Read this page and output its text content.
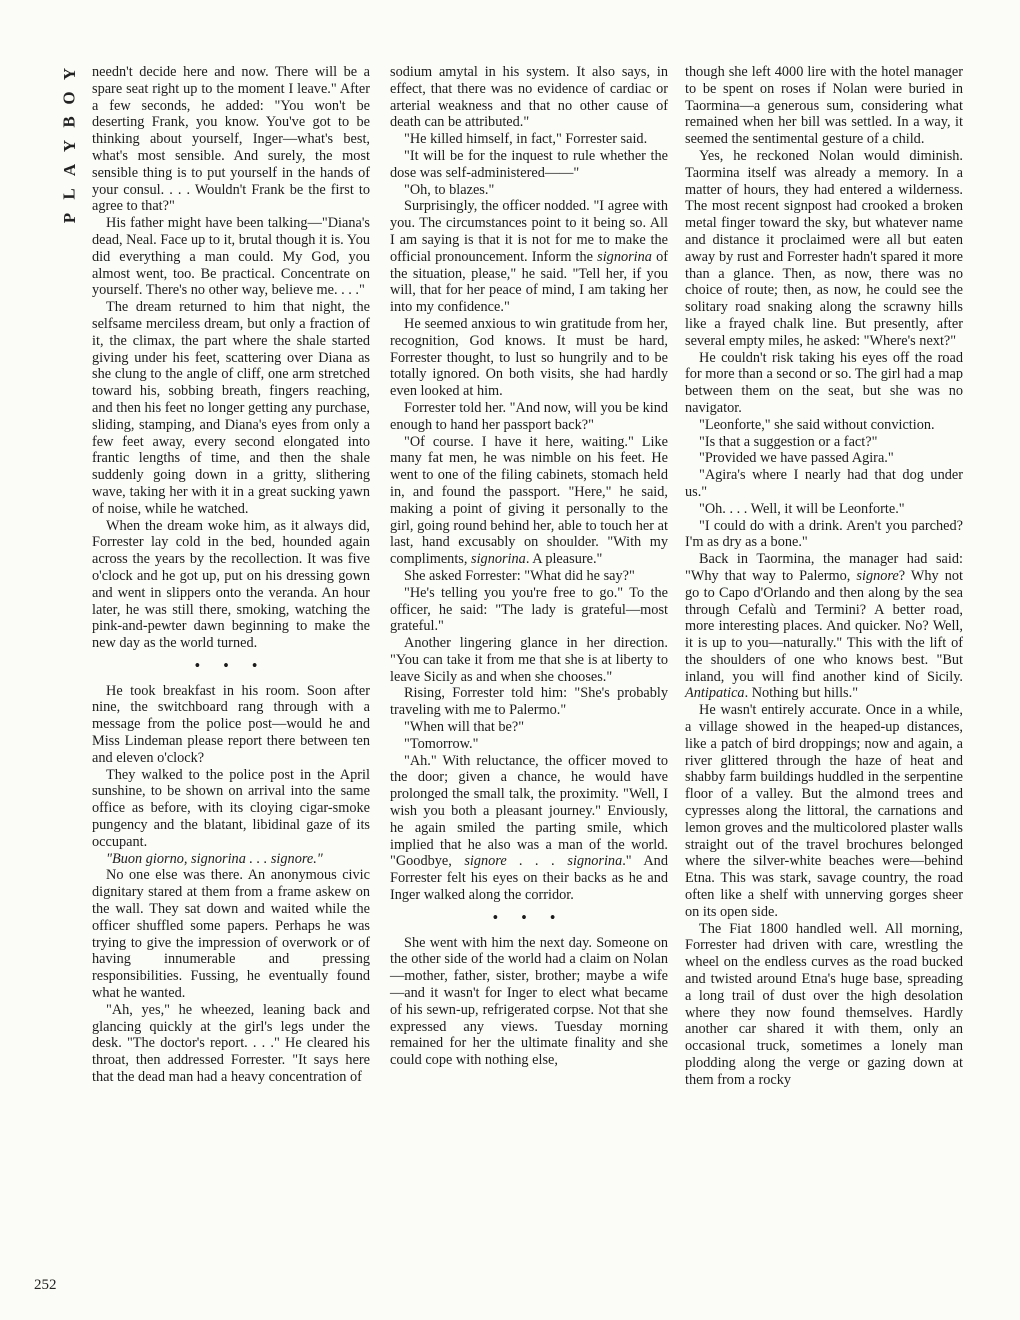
Y
O
B
Y
A
L
P
252

needn't decide here and now. There will be a spare seat right up to the moment I leave." After a few seconds, he added: "You won't be deserting Frank, you know. You've got to be thinking about yourself, Inger—what's best, what's most sensible. And surely, the most sensible thing is to put yourself in the hands of your consul. . . . Wouldn't Frank be the first to agree to that?"

His father might have been talking—"Diana's dead, Neal. Face up to it, brutal though it is. You did everything a man could. My God, you almost went, too. Be practical. Concentrate on yourself. There's no other way, believe me. . . ."

The dream returned to him that night, the selfsame merciless dream, but only a fraction of it, the climax, the part where the shale started giving under his feet, scattering over Diana as she clung to the angle of cliff, one arm stretched toward his, sobbing breath, fingers reaching, and then his feet no longer getting any purchase, sliding, stamping, and Diana's eyes from only a few feet away, every second elongated into frantic lengths of time, and then the shale suddenly going down in a gritty, slithering wave, taking her with it in a great sucking yawn of noise, while he watched.

When the dream woke him, as it always did, Forrester lay cold in the bed, hounded again across the years by the recollection. It was five o'clock and he got up, put on his dressing gown and went in slippers onto the veranda. An hour later, he was still there, smoking, watching the pink-and-pewter dawn beginning to make the new day as the world turned.

• • •

He took breakfast in his room. Soon after nine, the switchboard rang through with a message from the police post—would he and Miss Lindeman please report there between ten and eleven o'clock?

They walked to the police post in the April sunshine, to be shown on arrival into the same office as before, with its cloying cigar-smoke pungency and the blatant, libidinal gaze of its occupant.

"Buon giorno, signorina . . . signore."

No one else was there. An anonymous civic dignitary stared at them from a frame askew on the wall. They sat down and waited while the officer shuffled some papers. Perhaps he was trying to give the impression of overwork or of having innumerable and pressing responsibilities. Fussing, he eventually found what he wanted.

"Ah, yes," he wheezed, leaning back and glancing quickly at the girl's legs under the desk. "The doctor's report. . . ." He cleared his throat, then addressed Forrester. "It says here that the dead man had a heavy concentration of

sodium amytal in his system. It also says, in effect, that there was no evidence of cardiac or arterial weakness and that no other cause of death can be attributed."

"He killed himself, in fact," Forrester said.

"It will be for the inquest to rule whether the dose was self-administered——"

"Oh, to blazes."

Surprisingly, the officer nodded. "I agree with you. The circumstances point to it being so. All I am saying is that it is not for me to make the official pronouncement. Inform the signorina of the situation, please," he said. "Tell her, if you will, that for her peace of mind, I am taking her into my confidence."

He seemed anxious to win gratitude from her, recognition, God knows. It must be hard, Forrester thought, to lust so hungrily and to be totally ignored. On both visits, she had hardly even looked at him.

Forrester told her. "And now, will you be kind enough to hand her passport back?"

"Of course. I have it here, waiting." Like many fat men, he was nimble on his feet. He went to one of the filing cabinets, stomach held in, and found the passport. "Here," he said, making a point of giving it personally to the girl, going round behind her, able to touch her at last, hand excusably on shoulder. "With my compliments, signorina. A pleasure."

She asked Forrester: "What did he say?"

"He's telling you you're free to go." To the officer, he said: "The lady is grateful—most grateful."

Another lingering glance in her direction. "You can take it from me that she is at liberty to leave Sicily as and when she chooses."

Rising, Forrester told him: "She's probably traveling with me to Palermo."

"When will that be?"

"Tomorrow."

"Ah." With reluctance, the officer moved to the door; given a chance, he would have prolonged the small talk, the proximity. "Well, I wish you both a pleasant journey." Enviously, he again smiled the parting smile, which implied that he also was a man of the world. "Goodbye, signore . . . signorina." And Forrester felt his eyes on their backs as he and Inger walked along the corridor.

• • •

She went with him the next day. Someone on the other side of the world had a claim on Nolan—mother, father, sister, brother; maybe a wife—and it wasn't for Inger to elect what became of his sewn-up, refrigerated corpse. Not that she expressed any views. Tuesday morning remained for her the ultimate finality and she could cope with nothing else,

though she left 4000 lire with the hotel manager to be spent on roses if Nolan were buried in Taormina—a generous sum, considering what remained when her bill was settled. In a way, it seemed the sentimental gesture of a child.

Yes, he reckoned Nolan would diminish. Taormina itself was already a memory. In a matter of hours, they had entered a wilderness. The most recent signpost had crooked a broken metal finger toward the sky, but whatever name and distance it proclaimed were all but eaten away by rust and Forrester hadn't spared it more than a glance. Then, as now, there was no choice of route; then, as now, he could see the solitary road snaking along the scrawny hills like a frayed chalk line. But presently, after several empty miles, he asked: "Where's next?"

He couldn't risk taking his eyes off the road for more than a second or so. The girl had a map between them on the seat, but she was no navigator.

"Leonforte," she said without conviction.

"Is that a suggestion or a fact?"

"Provided we have passed Agira."

"Agira's where I nearly had that dog under us."

"Oh. . . . Well, it will be Leonforte."

"I could do with a drink. Aren't you parched? I'm as dry as a bone."

Back in Taormina, the manager had said: "Why that way to Palermo, signore? Why not go to Capo d'Orlando and then along by the sea through Cefalù and Termini? A better road, more interesting places. And quicker. No? Well, it is up to you—naturally." This with the lift of the shoulders of one who knows best. "But inland, you will find another kind of Sicily. Antipatica. Nothing but hills."

He wasn't entirely accurate. Once in a while, a village showed in the heaped-up distances, like a patch of bird droppings; now and again, a river glittered through the haze of heat and shabby farm buildings huddled in the serpentine floor of a valley. But the almond trees and cypresses along the littoral, the carnations and lemon groves and the multicolored plaster walls straight out of the travel brochures belonged where the silver-white beaches were—behind Etna. This was stark, savage country, the road often like a shelf with unnerving gorges sheer on its open side.

The Fiat 1800 handled well. All morning, Forrester had driven with care, wrestling the wheel on the endless curves as the road bucked and twisted around Etna's huge base, spreading a long trail of dust over the high desolation where they now found themselves. Hardly another car shared it with them, only an occasional truck, sometimes a lonely man plodding along the verge or gazing down at them from a rocky
